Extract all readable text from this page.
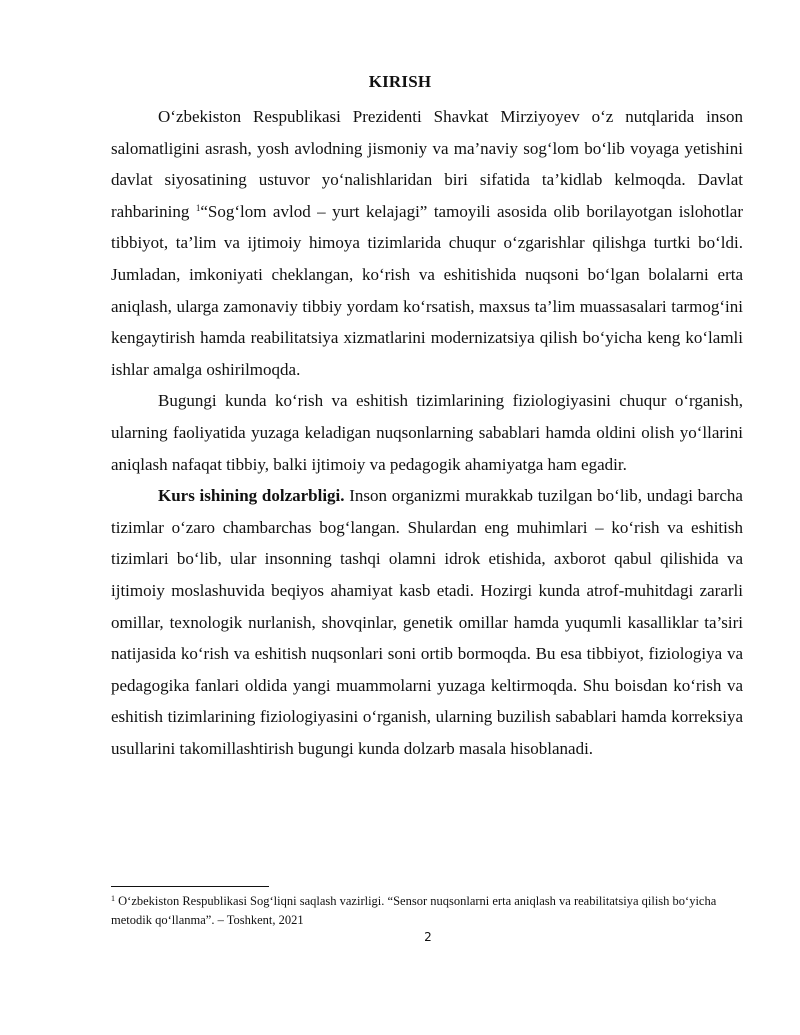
KIRISH

O‘zbekiston Respublikasi Prezidenti Shavkat Mirziyoyev o‘z nutqlarida inson salomatligini asrash, yosh avlodning jismoniy va ma’naviy sog‘lom bo‘lib voyaga yetishini davlat siyosatining ustuvor yo‘nalishlaridan biri sifatida ta’kidlab kelmoqda. Davlat rahbarining $^1$“Sog‘lom avlod – yurt kelajagi” tamoyili asosida olib borilayotgan islohotlar tibbiyot, ta’lim va ijtimoiy himoya tizimlarida chuqur o‘zgarishlar qilishga turtki bo‘ldi. Jumladan, imkoniyati cheklangan, ko‘rish va eshitishida nuqsoni bo‘lgan bolalarni erta aniqlash, ularga zamonaviy tibbiy yordam ko‘rsatish, maxsus ta’lim muassasalari tarmog‘ini kengaytirish hamda reabilitatsiya xizmatlarini modernizatsiya qilish bo‘yicha keng ko‘lamli ishlar amalga oshirilmoqda.

Bugungi kunda ko‘rish va eshitish tizimlarining fiziologiyasini chuqur o‘rganish, ularning faoliyatida yuzaga keladigan nuqsonlarning sabablari hamda oldini olish yo‘llarini aniqlash nafaqat tibbiy, balki ijtimoiy va pedagogik ahamiyatga ham egadir.

Kurs ishining dolzarbligi. Inson organizmi murakkab tuzilgan bo‘lib, undagi barcha tizimlar o‘zaro chambarchas bog‘langan. Shulardan eng muhimlari – ko‘rish va eshitish tizimlari bo‘lib, ular insonning tashqi olamni idrok etishida, axborot qabul qilishida va ijtimoiy moslashuvida beqiyos ahamiyat kasb etadi. Hozirgi kunda atrof-muhitdagi zararli omillar, texnologik nurlanish, shovqinlar, genetik omillar hamda yuqumli kasalliklar ta’siri natijasida ko‘rish va eshitish nuqsonlari soni ortib bormoqda. Bu esa tibbiyot, fiziologiya va pedagogika fanlari oldida yangi muammolarni yuzaga keltirmoqda. Shu boisdan ko‘rish va eshitish tizimlarining fiziologiyasini o‘rganish, ularning buzilish sabablari hamda korreksiya usullarini takomillashtirish bugungi kunda dolzarb masala hisoblanadi.

$^1$ O‘zbekiston Respublikasi Sog‘liqni saqlash vazirligi. “Sensor nuqsonlarni erta aniqlash va reabilitatsiya qilish bo‘yicha metodik qo‘llanma”. – Toshkent, 2021
2
